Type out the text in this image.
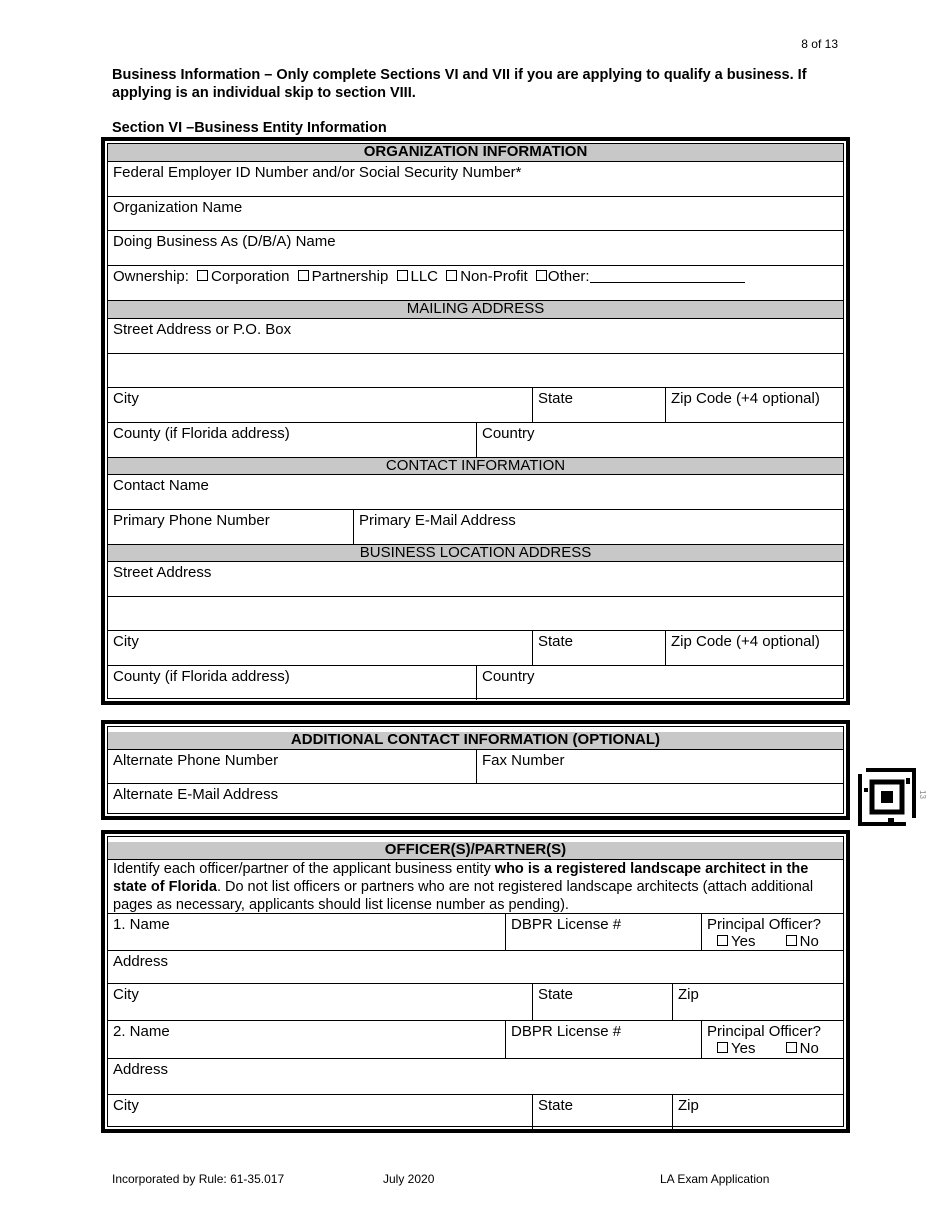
8 of 13
Business Information – Only complete Sections VI and VII if you are applying to qualify a business. If applying is an individual skip to section VIII.
Section VI –Business Entity Information
ORGANIZATION INFORMATION
Federal Employer ID Number and/or Social Security Number*
Organization Name
Doing Business As (D/B/A) Name
Ownership: Corporation Partnership LLC Non-Profit Other:
MAILING ADDRESS
Street Address or P.O. Box
City	State	Zip Code (+4 optional)
County (if Florida address)	Country
CONTACT INFORMATION
Contact Name
Primary Phone Number	Primary E-Mail Address
BUSINESS LOCATION ADDRESS
Street Address
City	State	Zip Code (+4 optional)
County (if Florida address)	Country
ADDITIONAL CONTACT INFORMATION (OPTIONAL)
Alternate Phone Number	Fax Number
Alternate E-Mail Address
OFFICER(S)/PARTNER(S)
Identify each officer/partner of the applicant business entity who is a registered landscape architect in the state of Florida. Do not list officers or partners who are not registered landscape architects (attach additional pages as necessary, applicants should list license number as pending).
1. Name	DBPR License #	Principal Officer?
Yes	No
Address
City	State	Zip
2. Name	DBPR License #	Principal Officer?
Yes	No
Address
City	State	Zip
13
Incorporated by Rule: 61-35.017	July 2020	LA Exam Application
